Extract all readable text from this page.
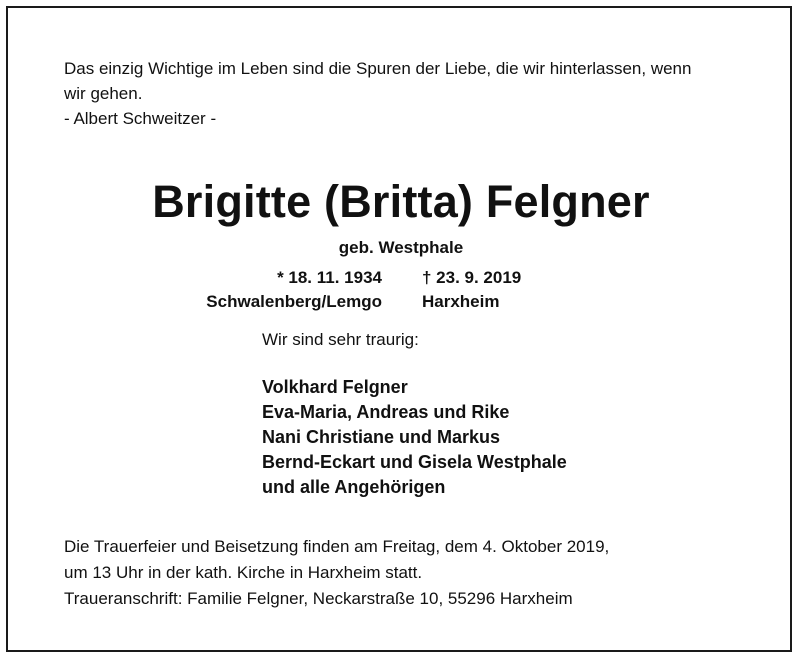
Das einzig Wichtige im Leben sind die Spuren der Liebe, die wir hinterlassen, wenn

wir gehen.

- Albert Schweitzer -

Brigitte (Britta) Felgner
geb. Westphale
* 18. 11. 1934
Schwalenberg/Lemgo
† 23. 9. 2019
Harxheim
Wir sind sehr traurig:
Volkhard Felgner
Eva-Maria, Andreas und Rike
Nani Christiane und Markus
Bernd-Eckart und Gisela Westphale
und alle Angehörigen
Die Trauerfeier und Beisetzung finden am Freitag, dem 4. Oktober 2019,
um 13 Uhr in der kath. Kirche in Harxheim statt.
Traueranschrift: Familie Felgner, Neckarstraße 10, 55296 Harxheim
